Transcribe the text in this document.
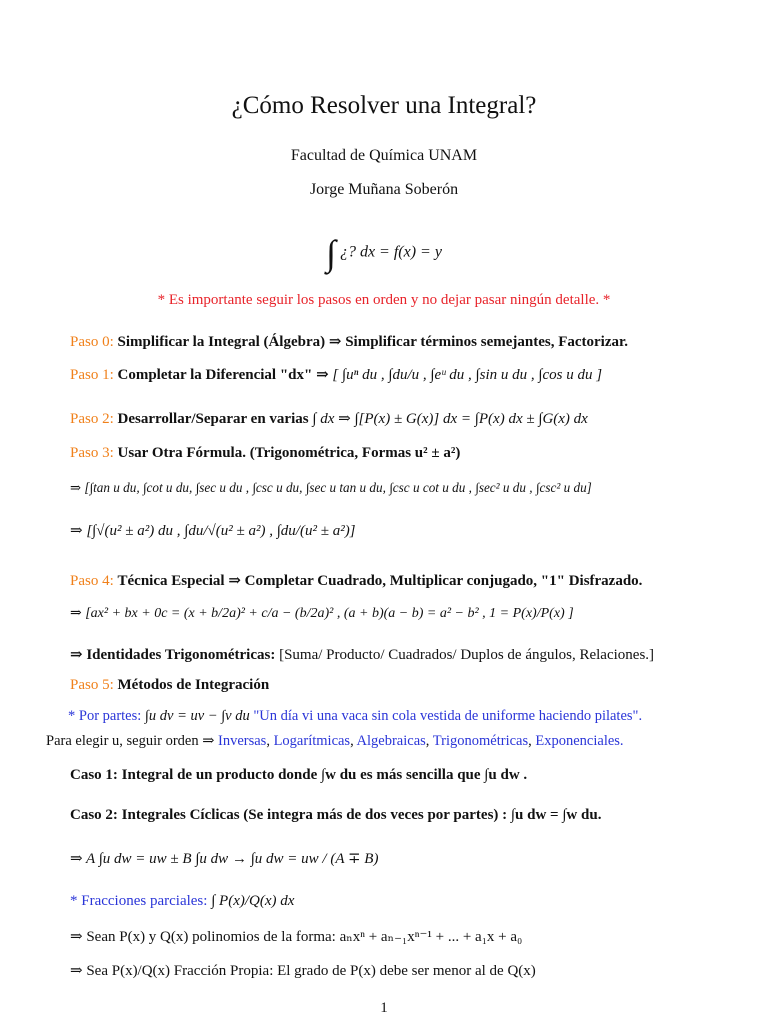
¿Cómo Resolver una Integral?
Facultad de Química UNAM
Jorge Muñana Soberón
∫ ¿? dx = f(x) = y
* Es importante seguir los pasos en orden y no dejar pasar ningún detalle. *
Paso 0: Simplificar la Integral (Álgebra) ⇒ Simplificar términos semejantes, Factorizar.
Paso 1: Completar la Diferencial "dx" ⇒ [ ∫uⁿ du , ∫du/u , ∫eᵘ du , ∫sin u du , ∫cos u du ]
Paso 2: Desarrollar/Separar en varias ∫ dx ⇒ ∫[P(x) ± G(x)] dx = ∫P(x) dx ± ∫G(x) dx
Paso 3: Usar Otra Fórmula. (Trigonométrica, Formas u² ± a²)
⇒ [∫tan u du, ∫cot u du, ∫sec u du , ∫csc u du, ∫sec u tan u du, ∫csc u cot u du , ∫sec² u du , ∫csc² u du]
⇒ [∫√(u² ± a²) du , ∫du/√(u² ± a²) , ∫du/(u² ± a²)]
Paso 4: Técnica Especial ⇒ Completar Cuadrado, Multiplicar conjugado, "1" Disfrazado.
⇒ [ax² + bx + 0c = (x + b/2a)² + c/a − (b/2a)² , (a + b)(a − b) = a² − b² , 1 = P(x)/P(x) ]
⇒ Identidades Trigonométricas: [Suma/ Producto/ Cuadrados/ Duplos de ángulos, Relaciones.]
Paso 5: Métodos de Integración
* Por partes: ∫u dv = uv − ∫v du "Un día vi una vaca sin cola vestida de uniforme haciendo pilates".
Para elegir u, seguir orden ⇒ Inversas, Logarítmicas, Algebraicas, Trigonométricas, Exponenciales.
Caso 1: Integral de un producto donde ∫w du es más sencilla que ∫u dw .
Caso 2: Integrales Cíclicas (Se integra más de dos veces por partes) : ∫u dw = ∫w du.
⇒ A ∫u dw = uw ± B ∫u dw → ∫u dw = uw / (A ∓ B)
* Fracciones parciales: ∫ P(x)/Q(x) dx
⇒ Sean P(x) y Q(x) polinomios de la forma: aₙxⁿ + aₙ₋₁xⁿ⁻¹ + ... + a₁x + a₀
⇒ Sea P(x)/Q(x) Fracción Propia: El grado de P(x) debe ser menor al de Q(x)
1
